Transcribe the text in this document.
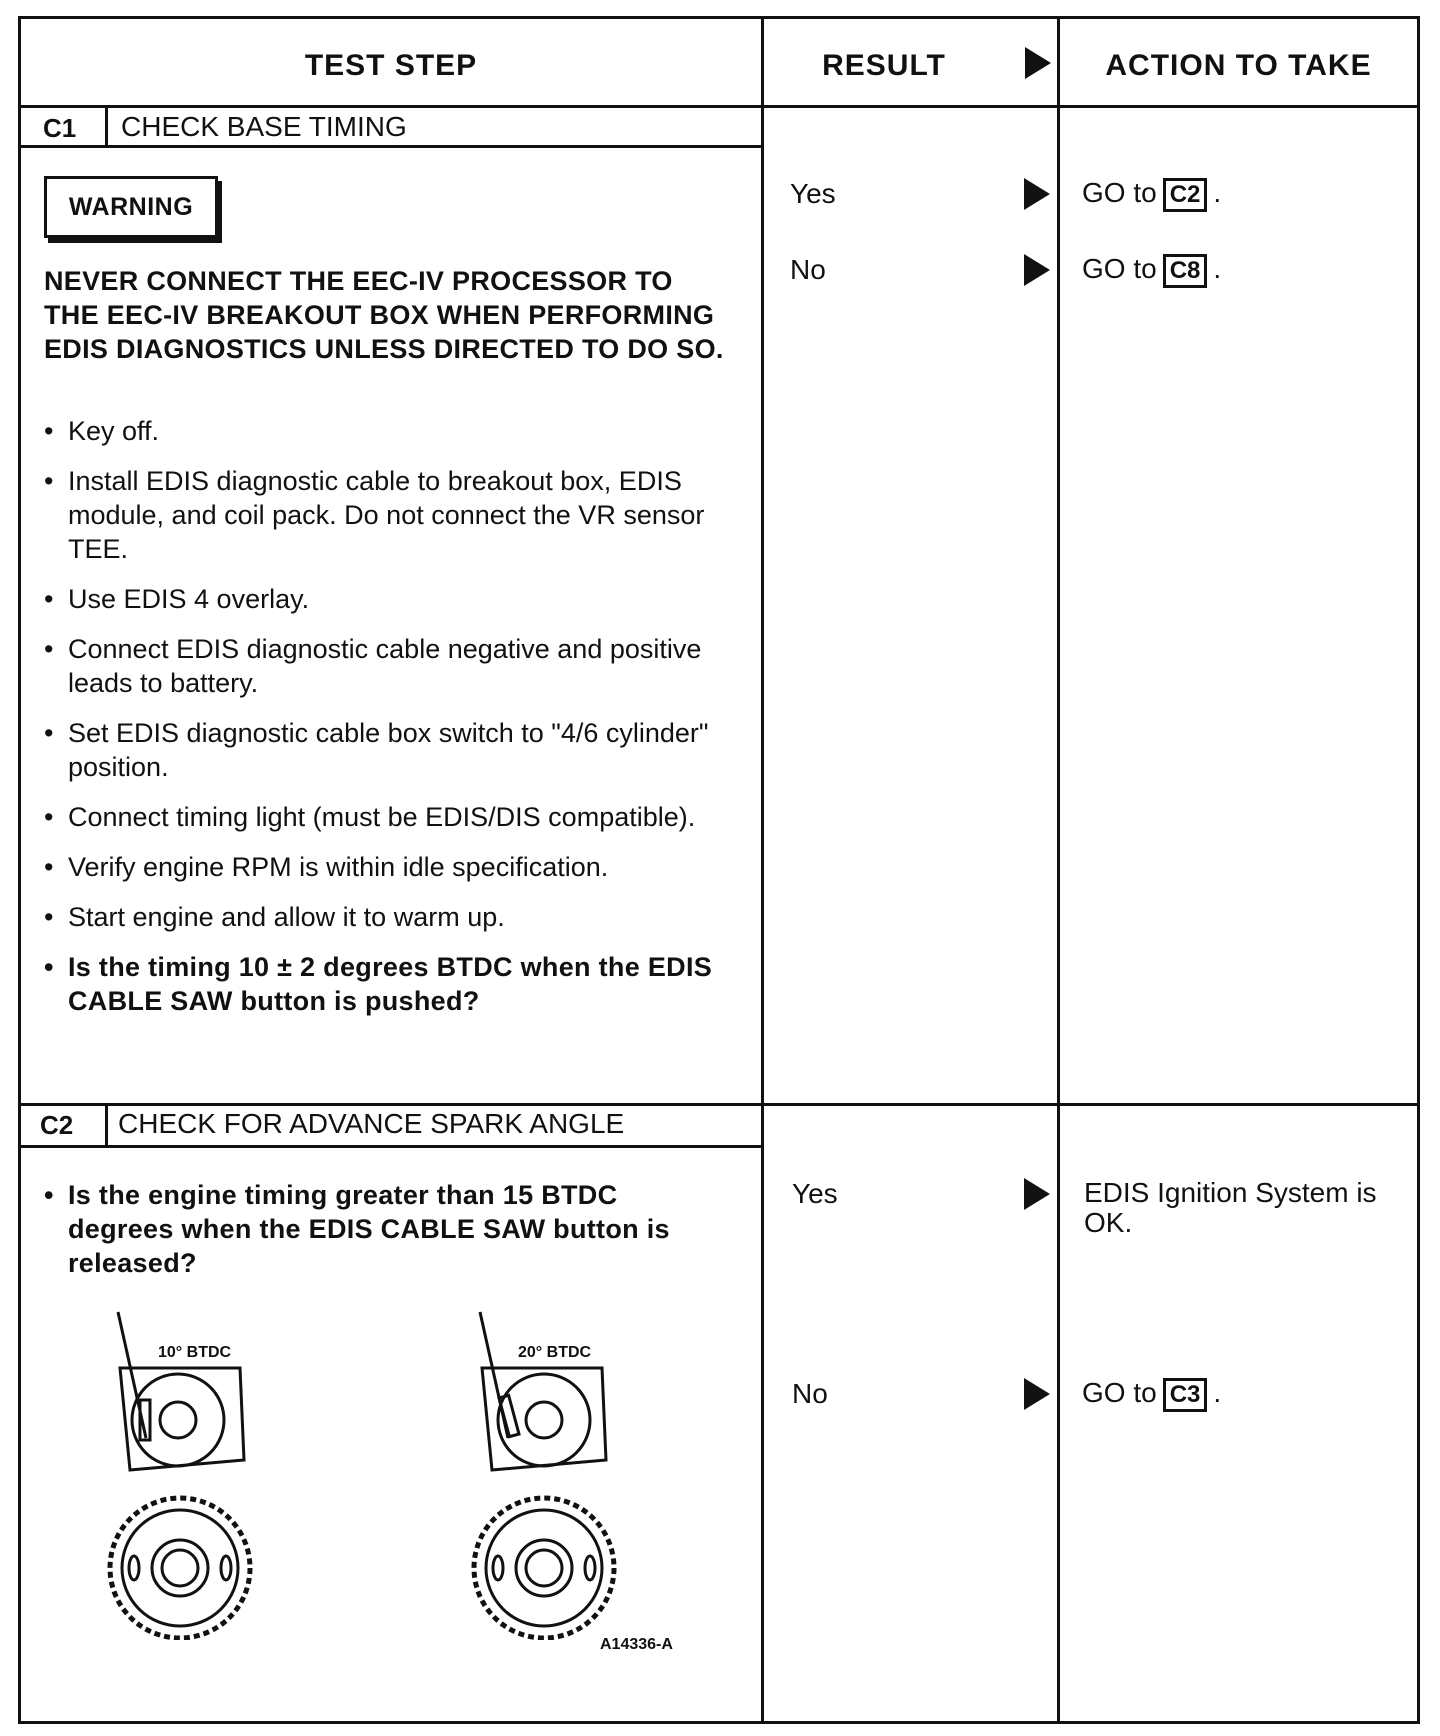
TEST STEP	RESULT	ACTION TO TAKE
C1 CHECK BASE TIMING
WARNING
NEVER CONNECT THE EEC-IV PROCESSOR TO THE EEC-IV BREAKOUT BOX WHEN PERFORMING EDIS DIAGNOSTICS UNLESS DIRECTED TO DO SO.
• Key off.
• Install EDIS diagnostic cable to breakout box, EDIS module, and coil pack. Do not connect the VR sensor TEE.
• Use EDIS 4 overlay.
• Connect EDIS diagnostic cable negative and positive leads to battery.
• Set EDIS diagnostic cable box switch to "4/6 cylinder" position.
• Connect timing light (must be EDIS/DIS compatible).
• Verify engine RPM is within idle specification.
• Start engine and allow it to warm up.
• Is the timing 10 ± 2 degrees BTDC when the EDIS CABLE SAW button is pushed?
Yes	GO to C2 .
No	GO to C8 .
C2 CHECK FOR ADVANCE SPARK ANGLE
• Is the engine timing greater than 15 BTDC degrees when the EDIS CABLE SAW button is released?
10° BTDC	20° BTDC
A14336-A
Yes	EDIS Ignition System is OK.
No	GO to C3 .
